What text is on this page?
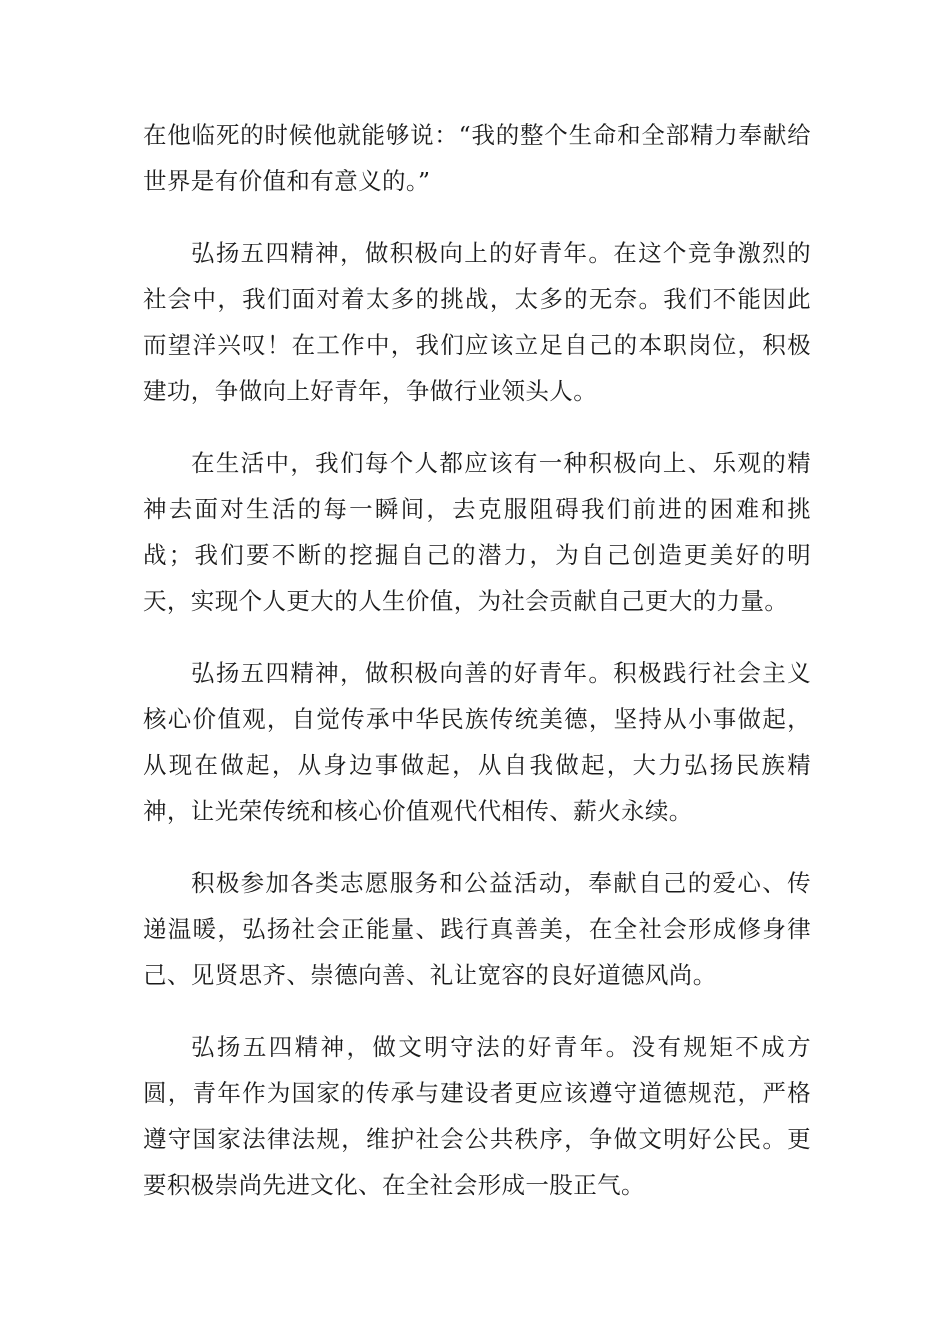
在他临死的时候他就能够说：“我的整个生命和全部精力奉献给世界是有价值和有意义的。”

弘扬五四精神，做积极向上的好青年。在这个竞争激烈的社会中，我们面对着太多的挑战，太多的无奈。我们不能因此而望洋兴叹！在工作中，我们应该立足自己的本职岗位，积极建功，争做向上好青年，争做行业领头人。

在生活中，我们每个人都应该有一种积极向上、乐观的精神去面对生活的每一瞬间，去克服阻碍我们前进的困难和挑战；我们要不断的挖掘自己的潜力，为自己创造更美好的明天，实现个人更大的人生价值，为社会贡献自己更大的力量。

弘扬五四精神，做积极向善的好青年。积极践行社会主义核心价值观，自觉传承中华民族传统美德，坚持从小事做起，从现在做起，从身边事做起，从自我做起，大力弘扬民族精神，让光荣传统和核心价值观代代相传、薪火永续。

积极参加各类志愿服务和公益活动，奉献自己的爱心、传递温暖，弘扬社会正能量、践行真善美，在全社会形成修身律己、见贤思齐、崇德向善、礼让宽容的良好道德风尚。

弘扬五四精神，做文明守法的好青年。没有规矩不成方圆，青年作为国家的传承与建设者更应该遵守道德规范，严格遵守国家法律法规，维护社会公共秩序，争做文明好公民。更要积极崇尚先进文化、在全社会形成一股正气。
